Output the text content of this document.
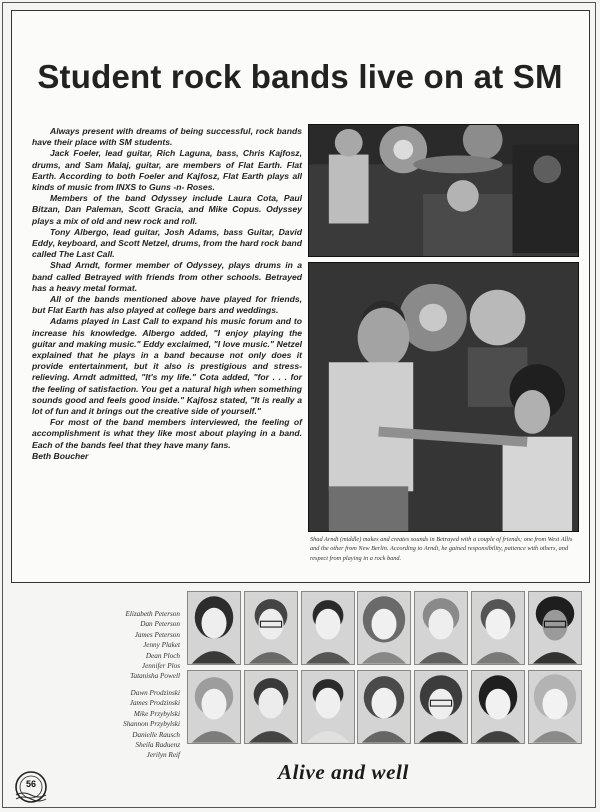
Student rock bands live on at SM

Always present with dreams of being successful, rock bands have their place with SM students.

Jack Foeler, lead guitar, Rich Laguna, bass, Chris Kajfosz, drums, and Sam Malaj, guitar, are members of Flat Earth. Flat Earth. According to both Foeler and Kajfosz, Flat Earth plays all kinds of music from INXS to Guns -n- Roses.

Members of the band Odyssey include Laura Cota, Paul Bitzan, Dan Paleman, Scott Gracia, and Mike Copus. Odyssey plays a mix of old and new rock and roll.

Tony Albergo, lead guitar, Josh Adams, bass Guitar, David Eddy, keyboard, and Scott Netzel, drums, from the hard rock band called The Last Call.

Shad Arndt, former member of Odyssey, plays drums in a band called Betrayed with friends from other schools. Betrayed has a heavy metal format.

All of the bands mentioned above have played for friends, but Flat Earth has also played at college bars and weddings.

Adams played in Last Call to expand his music forum and to increase his knowledge. Albergo added, "I enjoy playing the guitar and making music." Eddy exclaimed, "I love music." Netzel explained that he plays in a band because not only does it provide entertainment, but it also is prestigious and stress-relieving. Arndt admitted, "It's my life." Cota added, "for . . . for the feeling of satisfaction. You get a natural high when something sounds good and feels good inside." Kajfosz stated, "It is really a lot of fun and it brings out the creative side of yourself."

For most of the band members interviewed, the feeling of accomplishment is what they like most about playing in a band. Each of the bands feel that they have many fans.

Beth Boucher

Shad Arndt (middle) makes and creates sounds in Betrayed with a couple of friends; one from West Allis and the other from New Berlin. According to Arndt, he gained responsibility, patience with others, and respect from playing in a rock band.
Elizabeth Peterson
Dan Peterson
James Peterson
Jenny Plaket
Dean Ploch
Jennifer Plos
Tatanisha Powell
Dawn Prodzinski
James Prodzinski
Mike Przybylski
Shannon Przybylski
Danielle Rausch
Sheila Raduenz
Jerilyn Reif
56	Alive and well
